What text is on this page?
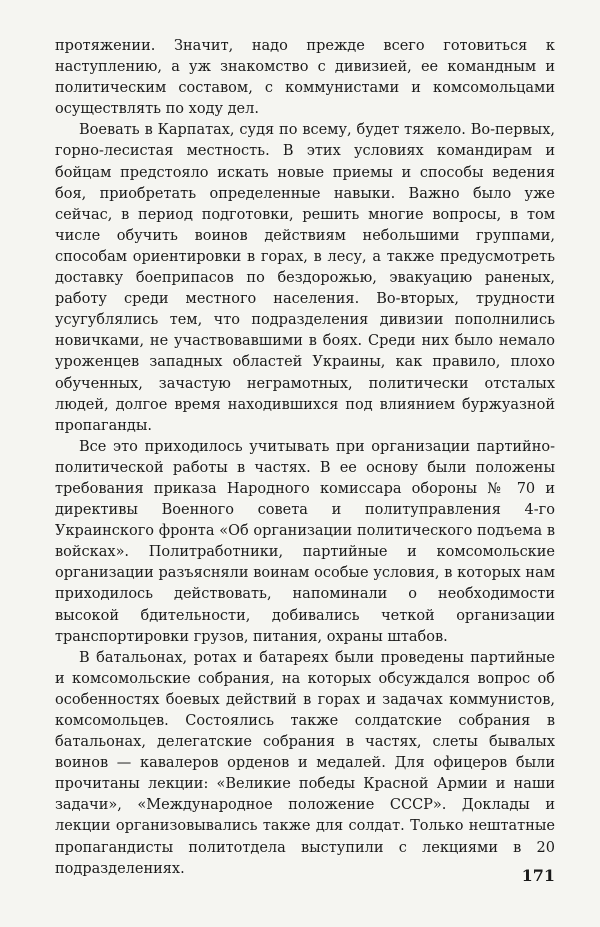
протяжении. Значит, надо прежде всего готовиться к наступлению, а уж знакомство с дивизией, ее командным и политическим составом, с коммунистами и комсомольцами осуществлять по ходу дел.

Воевать в Карпатах, судя по всему, будет тяжело. Во-первых, горно-лесистая местность. В этих условиях командирам и бойцам предстояло искать новые приемы и способы ведения боя, приобретать определенные навыки. Важно было уже сейчас, в период подготовки, решить многие вопросы, в том числе обучить воинов действиям небольшими группами, способам ориентировки в горах, в лесу, а также предусмотреть доставку боеприпасов по бездорожью, эвакуацию раненых, работу среди местного населения. Во-вторых, трудности усугублялись тем, что подразделения дивизии пополнились новичками, не участвовавшими в боях. Среди них было немало уроженцев западных областей Украины, как правило, плохо обученных, зачастую неграмотных, политически отсталых людей, долгое время находившихся под влиянием буржуазной пропаганды.

Все это приходилось учитывать при организации партийно-политической работы в частях. В ее основу были положены требования приказа Народного комиссара обороны № 70 и директивы Военного совета и политуправления 4-го Украинского фронта «Об организации политического подъема в войсках». Политработники, партийные и комсомольские организации разъясняли воинам особые условия, в которых нам приходилось действовать, напоминали о необходимости высокой бдительности, добивались четкой организации транспортировки грузов, питания, охраны штабов.

В батальонах, ротах и батареях были проведены партийные и комсомольские собрания, на которых обсуждался вопрос об особенностях боевых действий в горах и задачах коммунистов, комсомольцев. Состоялись также солдатские собрания в батальонах, делегатские собрания в частях, слеты бывалых воинов — кавалеров орденов и медалей. Для офицеров были прочитаны лекции: «Великие победы Красной Армии и наши задачи», «Международное положение СССР». Доклады и лекции организовывались также для солдат. Только нештатные пропагандисты политотдела выступили с лекциями в 20 подразделениях.	171
